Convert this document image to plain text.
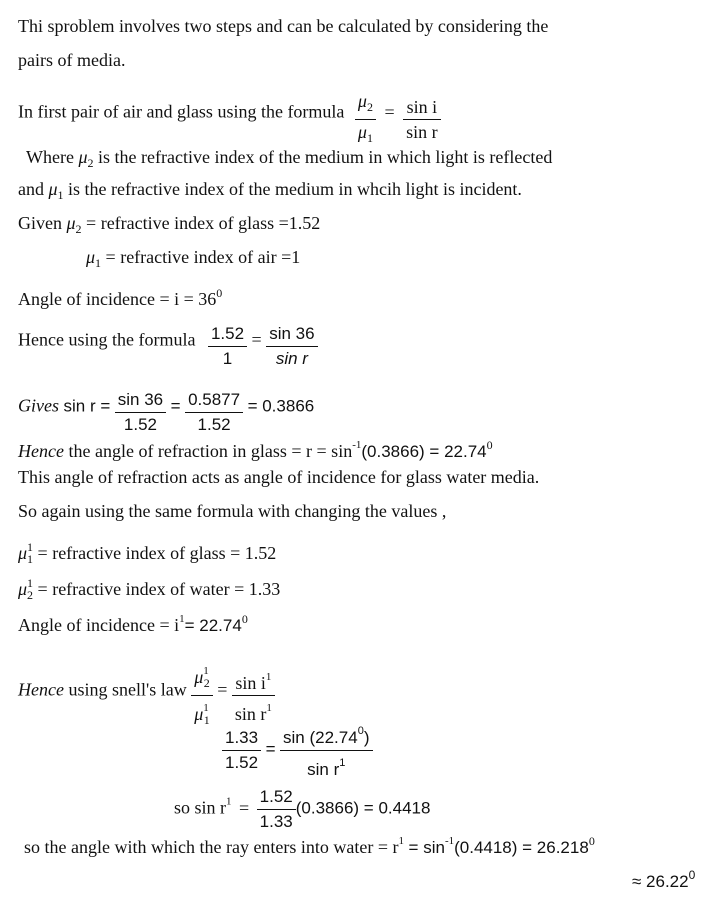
Thi sproblem involves two steps and can be calculated by considering the
pairs of media.
In first pair of air and glass using the formula $\frac{\mu_2}{\mu_1} = \frac{\text{sin i}}{\text{sin r}}$
Where $\mu_2$ is the refractive index of the medium in which light is reflected
and $\mu_1$ is the refractive index of the medium in whcih light is incident.
Given $\mu_2$ = refractive index of glass =1.52
$\mu_1$ = refractive index of air =1
Angle of incidence = $i = 36^0$
Hence using the formula $\frac{1.52}{1} = \frac{\sin 36}{\text{sin r}}$
Gives $\sin r = \frac{\sin 36}{1.52} = \frac{0.5877}{1.52} = 0.3866$
Hence the angle of refraction in glass = $r = \sin^{-1}(0.3866) = 22.74^0$
This angle of refraction acts as angle of incidence for glass water media.
So again using the same formula with changing the values ,
$\mu^1_1$ = refractive index of glass = 1.52
$\mu^1_2$ = refractive index of water = 1.33
Angle of incidence = $i^1= 22.74^0$
Hence using snell's law $\frac{\mu^1_2}{\mu^1_1} = \frac{\sin i^1}{\sin r^1}$
$\frac{1.33}{1.52} = \frac{\sin (22.74^0)}{\sin r^1}$
so $\sin r^1 = \frac{1.52}{1.33} (0.3866) = 0.4418$
so the angle with which the ray enters into water = $r^1 = \sin^{-1}(0.4418) = 26.218^0$
≈ $26.22^0$
